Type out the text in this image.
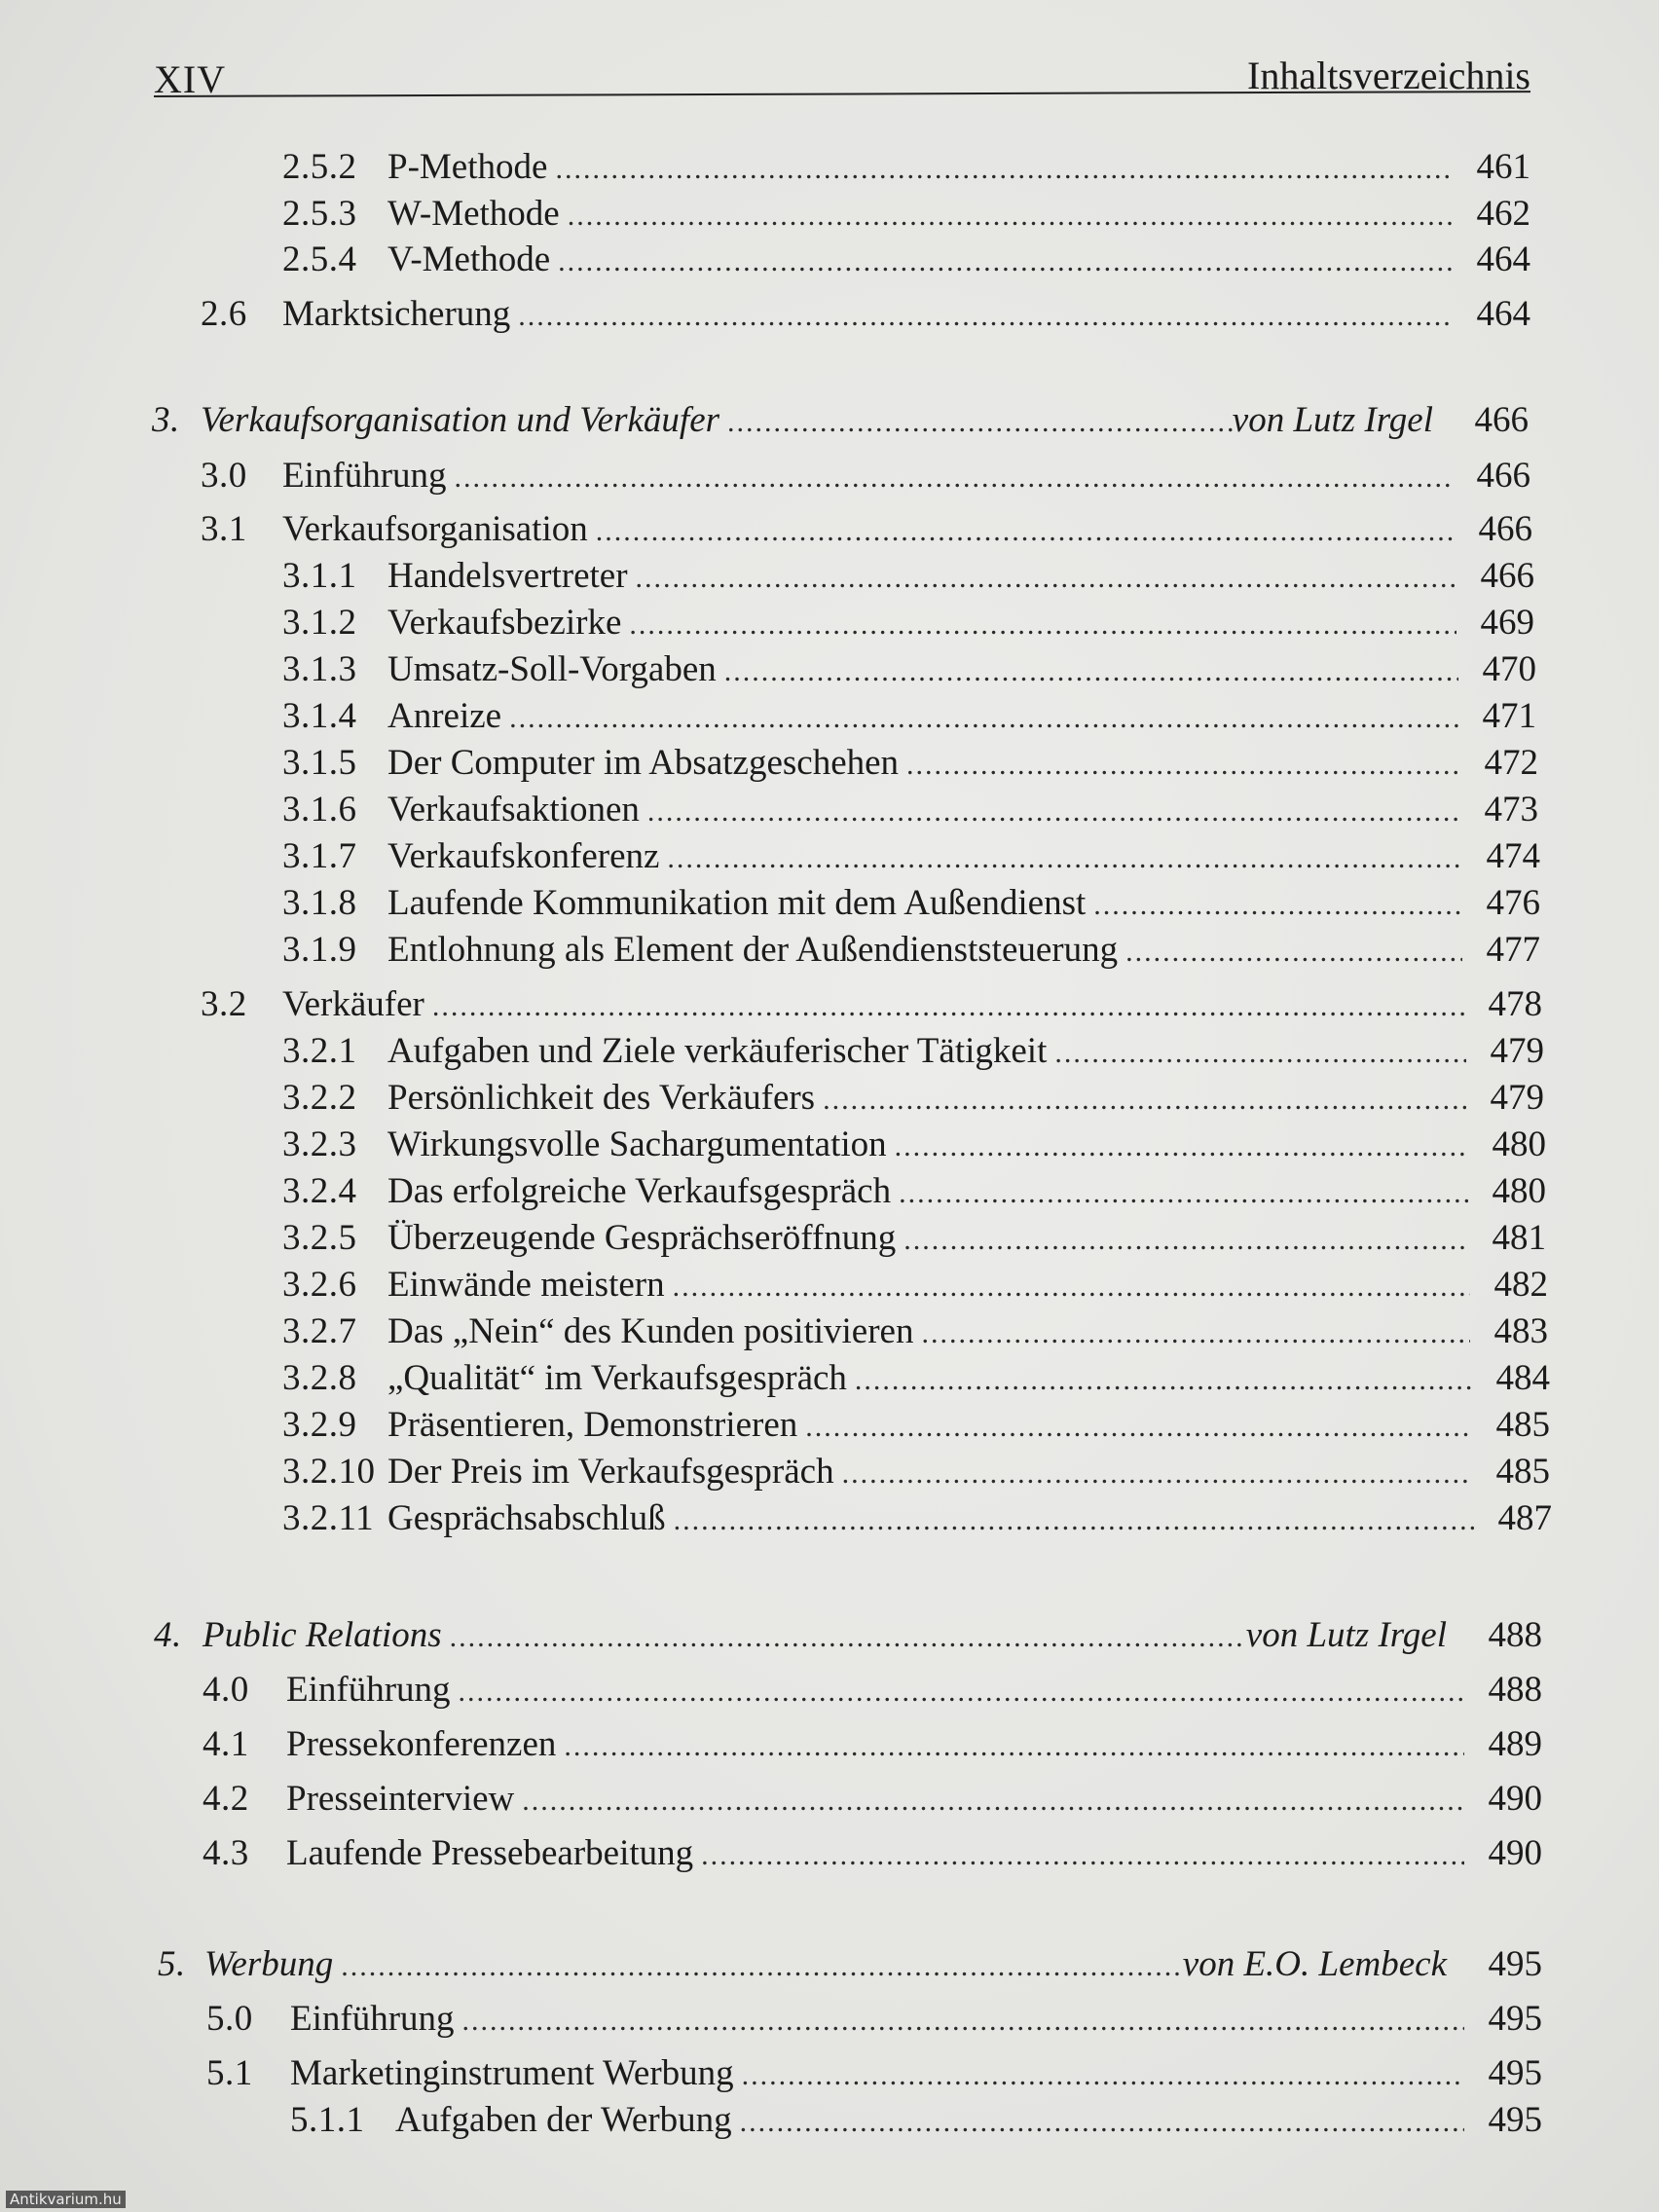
XIV	Inhaltsverzeichnis
2.5.2 P-Methode .....	461
2.5.3 W-Methode .....	462
2.5.4 V-Methode .....	464
2.6 Marktsicherung .....	464
3. Verkaufsorganisation und Verkäufer .....	von Lutz Irgel	466
3.0 Einführung .....	466
3.1 Verkaufsorganisation .....	466
3.1.1 Handelsvertreter .....	466
3.1.2 Verkaufsbezirke .....	469
3.1.3 Umsatz-Soll-Vorgaben .....	470
3.1.4 Anreize .....	471
3.1.5 Der Computer im Absatzgeschehen .....	472
3.1.6 Verkaufsaktionen .....	473
3.1.7 Verkaufskonferenz .....	474
3.1.8 Laufende Kommunikation mit dem Außendienst .....	476
3.1.9 Entlohnung als Element der Außendienststeuerung .....	477
3.2 Verkäufer .....	478
3.2.1 Aufgaben und Ziele verkäuferischer Tätigkeit .....	479
3.2.2 Persönlichkeit des Verkäufers .....	479
3.2.3 Wirkungsvolle Sachargumentation .....	480
3.2.4 Das erfolgreiche Verkaufsgespräch .....	480
3.2.5 Überzeugende Gesprächseröffnung .....	481
3.2.6 Einwände meistern .....	482
3.2.7 Das „Nein“ des Kunden positivieren .....	483
3.2.8 „Qualität“ im Verkaufsgespräch .....	484
3.2.9 Präsentieren, Demonstrieren .....	485
3.2.10 Der Preis im Verkaufsgespräch .....	485
3.2.11 Gesprächsabschluß .....	487
4. Public Relations .....	von Lutz Irgel	488
4.0	Einführung .....	488
4.1	Pressekonferenzen .....	489
4.2	Presseinterview .....	490
4.3	Laufende Pressebearbeitung .....	490
5. Werbung .....	von E.O. Lembeck	495
5.0	Einführung .....	495
5.1	Marketinginstrument Werbung .....	495
5.1.1 Aufgaben der Werbung .....	495
Antikvarium.hu
